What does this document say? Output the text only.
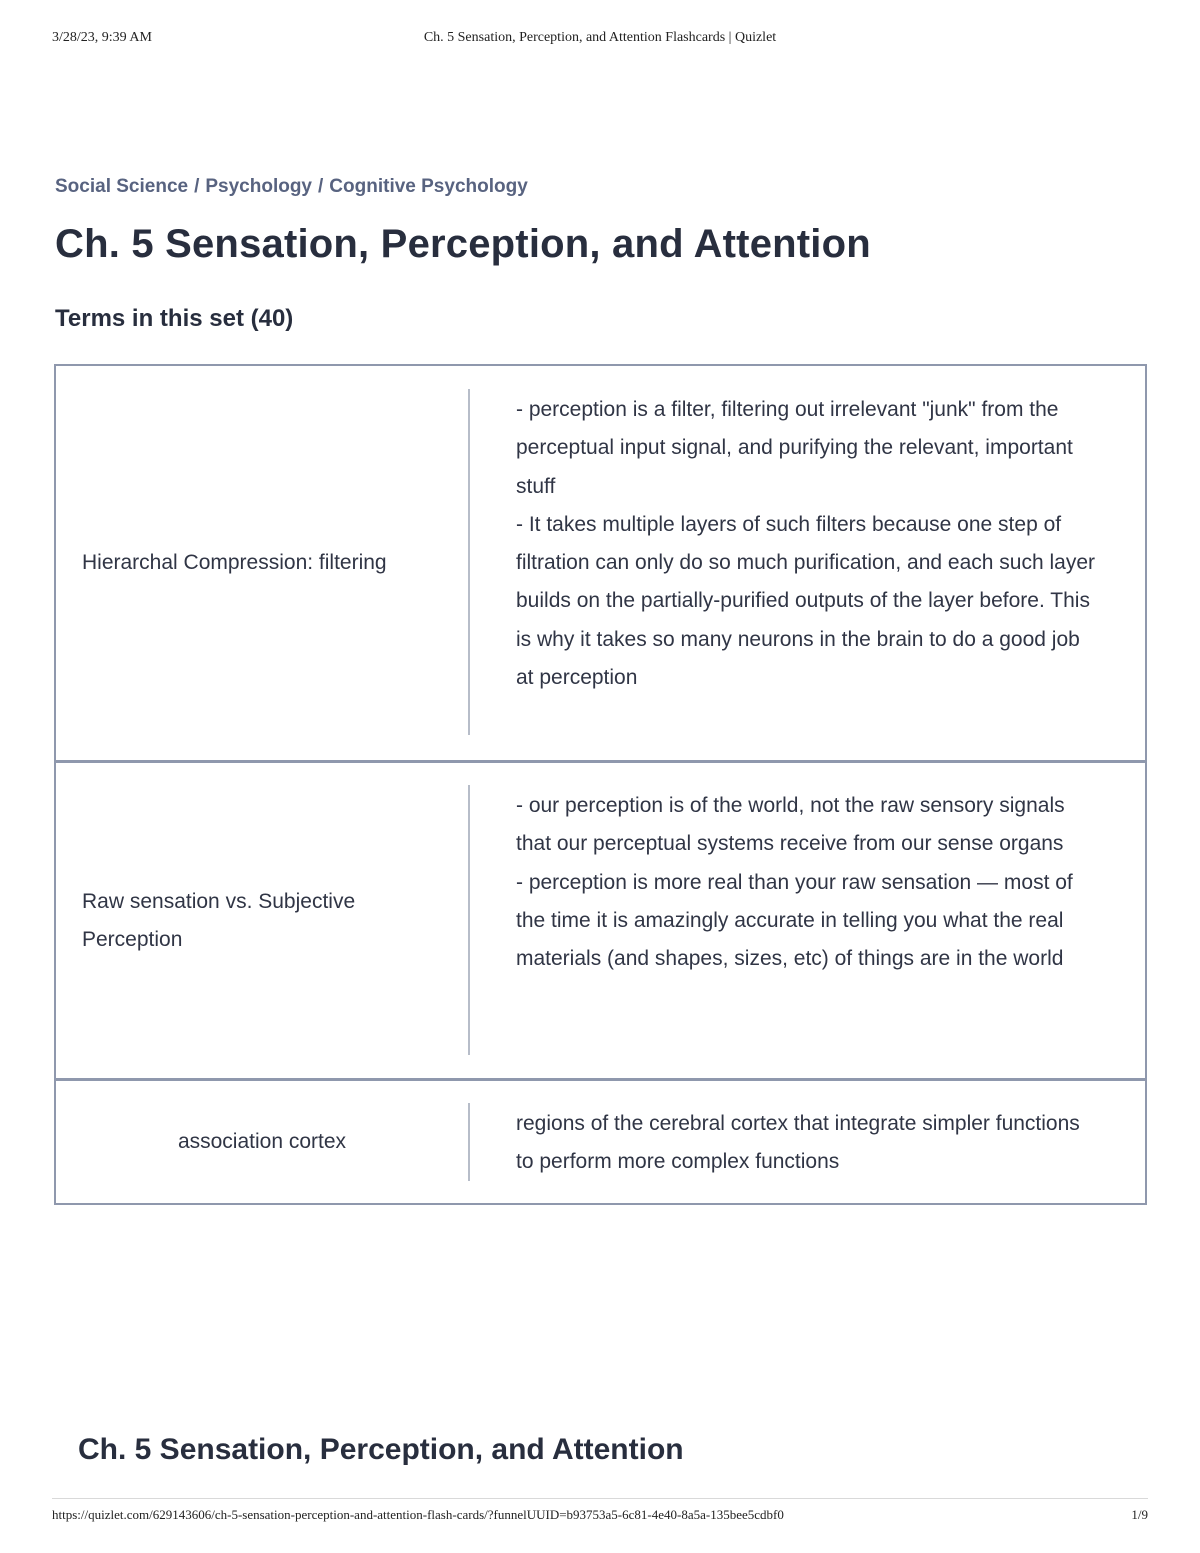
3/28/23, 9:39 AM	Ch. 5 Sensation, Perception, and Attention Flashcards | Quizlet
Social Science / Psychology / Cognitive Psychology
Ch. 5 Sensation, Perception, and Attention
Terms in this set (40)
Hierarchal Compression: filtering

- perception is a filter, filtering out irrelevant "junk" from the perceptual input signal, and purifying the relevant, important stuff

- It takes multiple layers of such filters because one step of filtration can only do so much purification, and each such layer builds on the partially-purified outputs of the layer before. This is why it takes so many neurons in the brain to do a good job at perception

Raw sensation vs. Subjective Perception

- our perception is of the world, not the raw sensory signals that our perceptual systems receive from our sense organs

- perception is more real than your raw sensation — most of the time it is amazingly accurate in telling you what the real materials (and shapes, sizes, etc) of things are in the world

association cortex

regions of the cerebral cortex that integrate simpler functions to perform more complex functions

Ch. 5 Sensation, Perception, and Attention
https://quizlet.com/629143606/ch-5-sensation-perception-and-attention-flash-cards/?funnelUUID=b93753a5-6c81-4e40-8a5a-135bee5cdbf0	1/9
